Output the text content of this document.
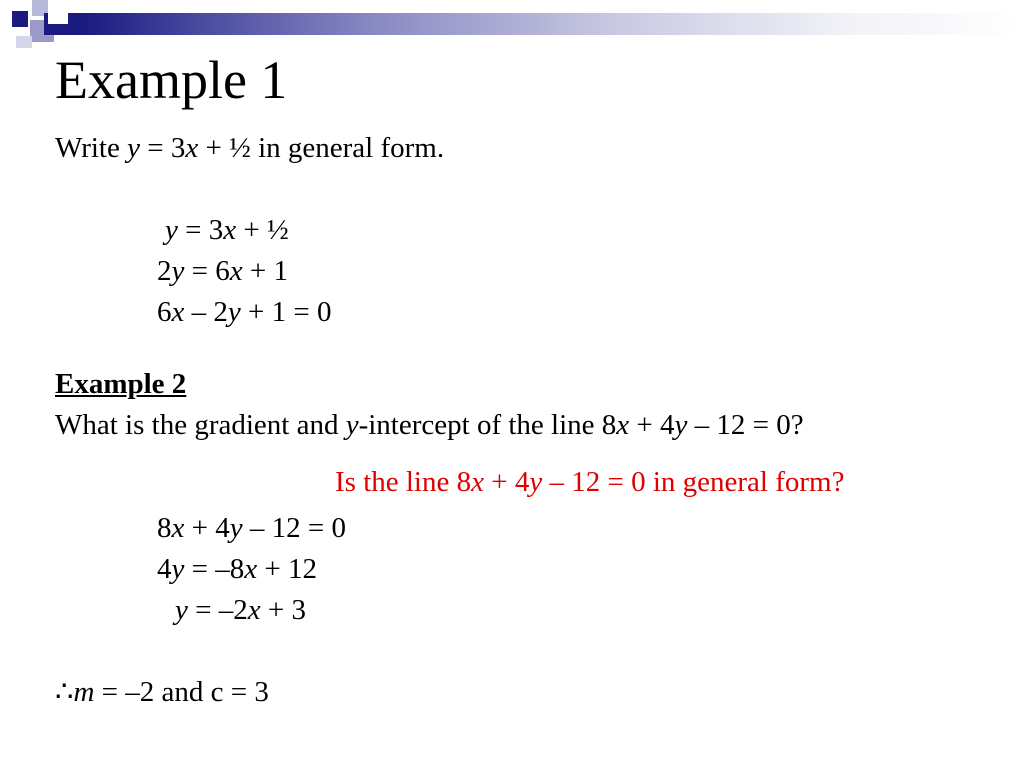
Example 1
Write y = 3x + ½ in general form.
y = 3x + ½
2y = 6x + 1
6x – 2y + 1 = 0
Example 2
What is the gradient and y-intercept of the line 8x + 4y – 12 = 0?
Is the line 8x + 4y – 12 = 0 in general form?
8x + 4y – 12 = 0
4y = –8x + 12
y = –2x + 3
∴m = –2 and c = 3
